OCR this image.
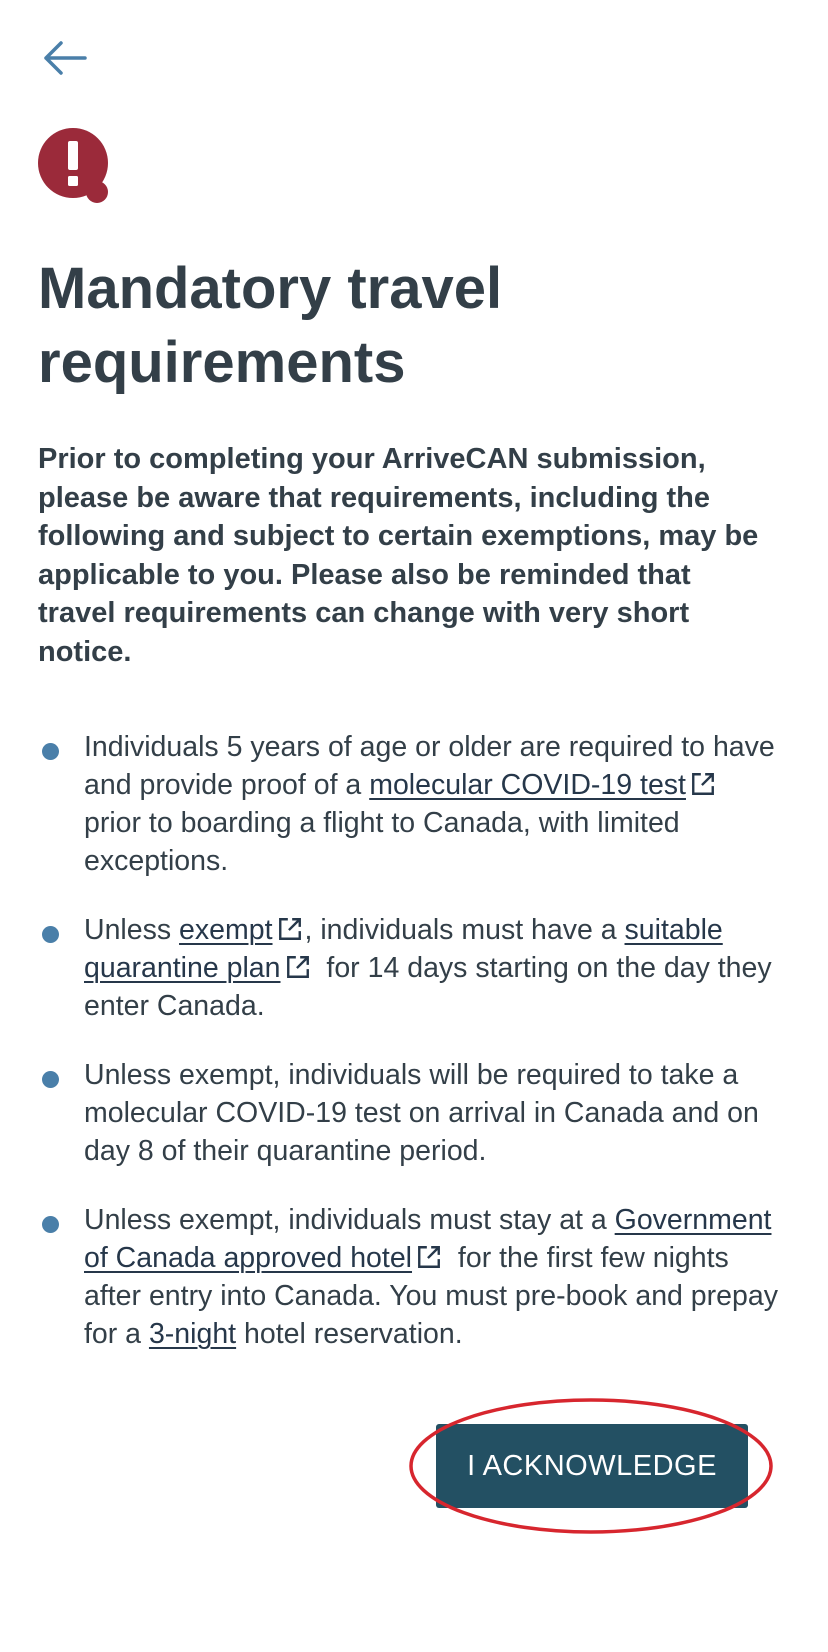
Mandatory travel requirements

Prior to completing your ArriveCAN submission, please be aware that requirements, including the following and subject to certain exemptions, may be applicable to you. Please also be reminded that travel requirements can change with very short notice.

Individuals 5 years of age or older are required to have and provide proof of a molecular COVID-19 test prior to boarding a flight to Canada, with limited exceptions.
Unless exempt , individuals must have a suitable quarantine plan for 14 days starting on the day they enter Canada.
Unless exempt, individuals will be required to take a molecular COVID-19 test on arrival in Canada and on day 8 of their quarantine period.
Unless exempt, individuals must stay at a Government of Canada approved hotel for the first few nights after entry into Canada. You must pre-book and prepay for a 3-night hotel reservation.
I ACKNOWLEDGE
